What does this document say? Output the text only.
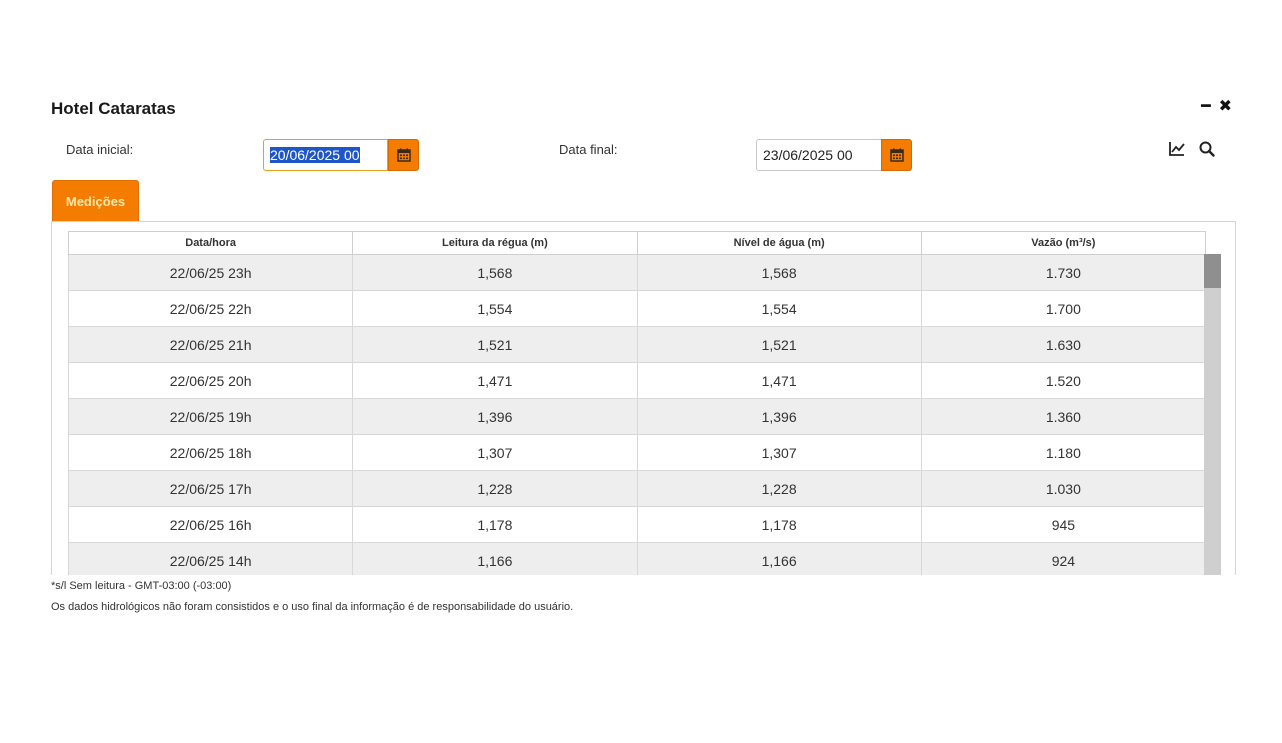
Hotel Cataratas	━ ✖
Data inicial:	20/06/2025 00	Data final:	23/06/2025 00
Medições
Data/hora	Leitura da régua (m)	Nível de água (m)	Vazão (m³/s)
22/06/25 23h	1,568	1,568	1.730
22/06/25 22h	1,554	1,554	1.700
22/06/25 21h	1,521	1,521	1.630
22/06/25 20h	1,471	1,471	1.520
22/06/25 19h	1,396	1,396	1.360
22/06/25 18h	1,307	1,307	1.180
22/06/25 17h	1,228	1,228	1.030
22/06/25 16h	1,178	1,178	945
22/06/25 14h	1,166	1,166	924
*s/l Sem leitura - GMT-03:00 (-03:00)
Os dados hidrológicos não foram consistidos e o uso final da informação é de responsabilidade do usuário.
